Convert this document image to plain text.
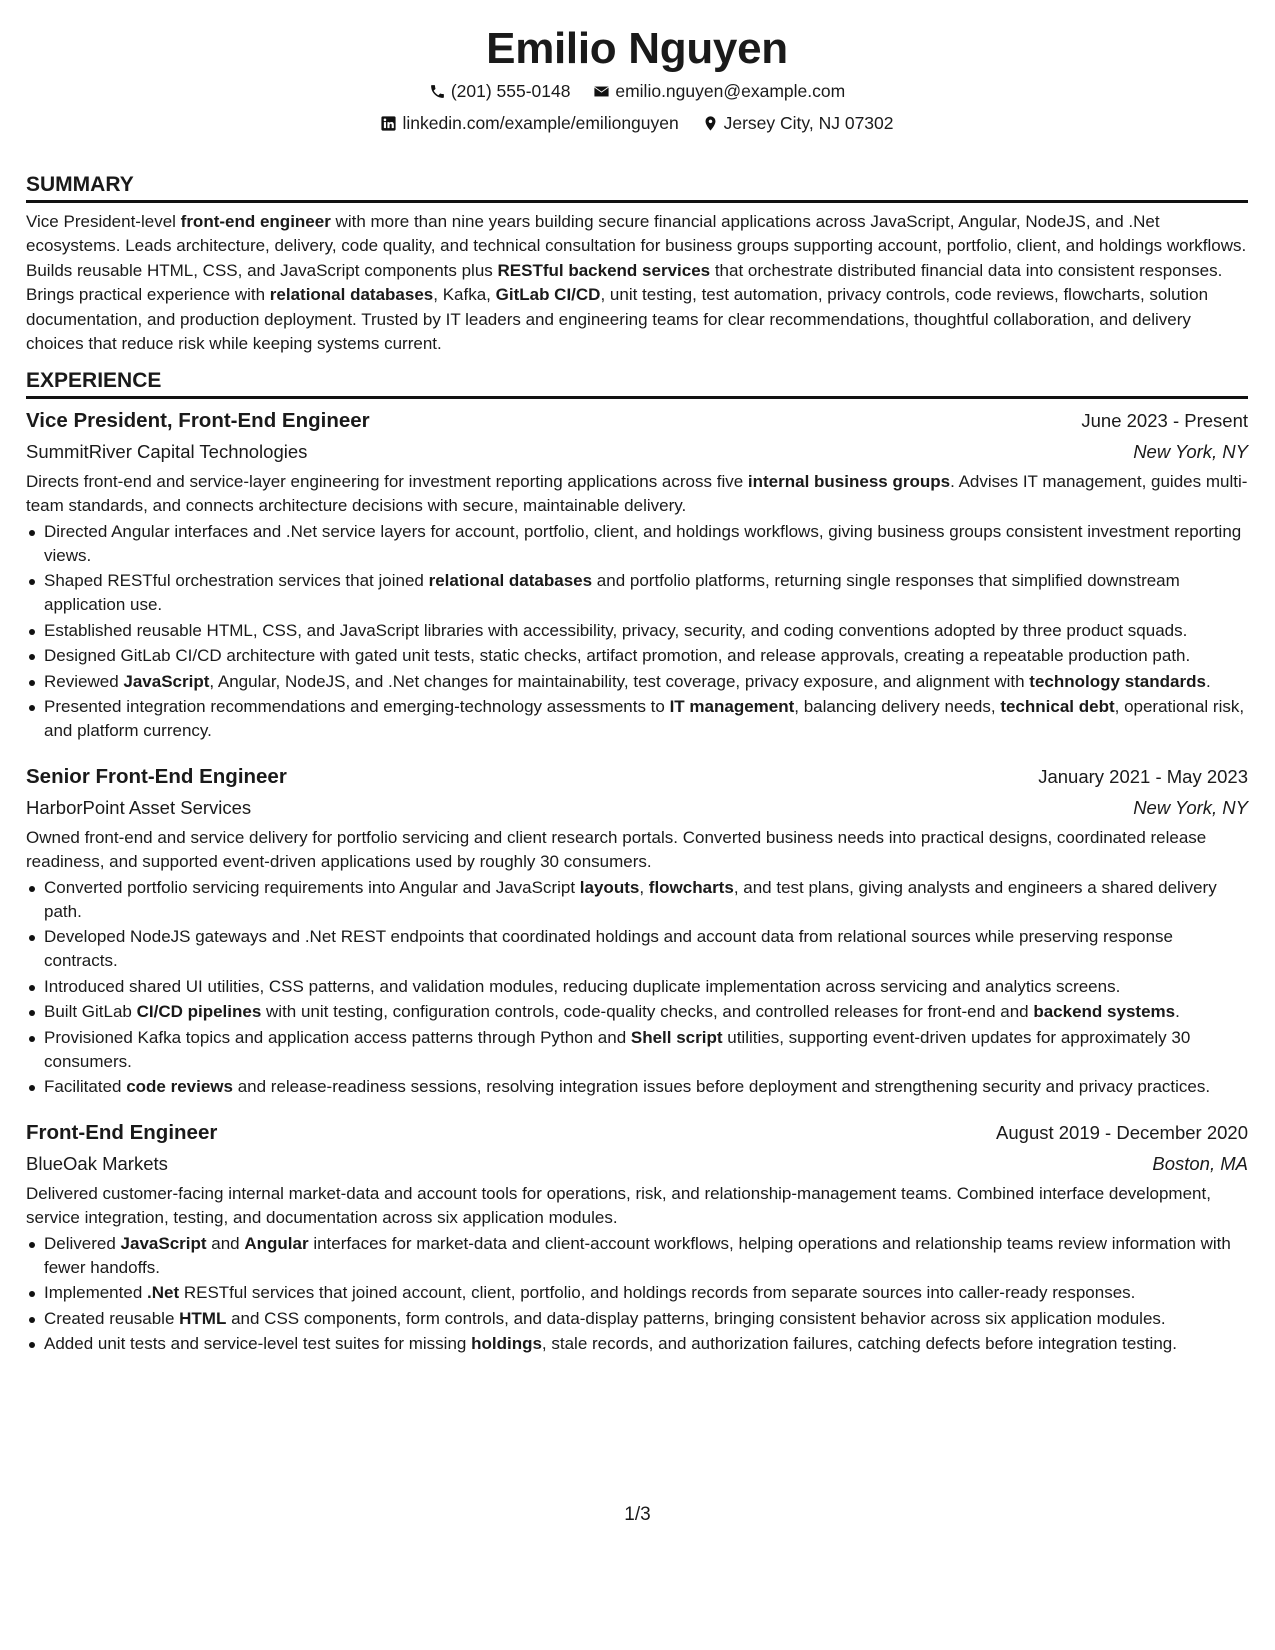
Emilio Nguyen
(201) 555-0148
	emilio.nguyen@example.com
linkedin.com/example/emilionguyen
	Jersey City, NJ 07302
SUMMARY
Vice President-level front-end engineer with more than nine years building secure financial applications across JavaScript, Angular, NodeJS, and .Net ecosystems. Leads architecture, delivery, code quality, and technical consultation for business groups supporting account, portfolio, client, and holdings workflows. Builds reusable HTML, CSS, and JavaScript components plus RESTful backend services that orchestrate distributed financial data into consistent responses. Brings practical experience with relational databases, Kafka, GitLab CI/CD, unit testing, test automation, privacy controls, code reviews, flowcharts, solution documentation, and production deployment. Trusted by IT leaders and engineering teams for clear recommendations, thoughtful collaboration, and delivery choices that reduce risk while keeping systems current.
EXPERIENCE
Vice President, Front-End Engineer	June 2023 - Present
SummitRiver Capital Technologies	New York, NY
Directs front-end and service-layer engineering for investment reporting applications across five internal business groups. Advises IT management, guides multi-team standards, and connects architecture decisions with secure, maintainable delivery.
Directed Angular interfaces and .Net service layers for account, portfolio, client, and holdings workflows, giving business groups consistent investment reporting views.
Shaped RESTful orchestration services that joined relational databases and portfolio platforms, returning single responses that simplified downstream application use.
Established reusable HTML, CSS, and JavaScript libraries with accessibility, privacy, security, and coding conventions adopted by three product squads.
Designed GitLab CI/CD architecture with gated unit tests, static checks, artifact promotion, and release approvals, creating a repeatable production path.
Reviewed JavaScript, Angular, NodeJS, and .Net changes for maintainability, test coverage, privacy exposure, and alignment with technology standards.
Presented integration recommendations and emerging-technology assessments to IT management, balancing delivery needs, technical debt, operational risk, and platform currency.
Senior Front-End Engineer	January 2021 - May 2023
HarborPoint Asset Services	New York, NY
Owned front-end and service delivery for portfolio servicing and client research portals. Converted business needs into practical designs, coordinated release readiness, and supported event-driven applications used by roughly 30 consumers.
Converted portfolio servicing requirements into Angular and JavaScript layouts, flowcharts, and test plans, giving analysts and engineers a shared delivery path.
Developed NodeJS gateways and .Net REST endpoints that coordinated holdings and account data from relational sources while preserving response contracts.
Introduced shared UI utilities, CSS patterns, and validation modules, reducing duplicate implementation across servicing and analytics screens.
Built GitLab CI/CD pipelines with unit testing, configuration controls, code-quality checks, and controlled releases for front-end and backend systems.
Provisioned Kafka topics and application access patterns through Python and Shell script utilities, supporting event-driven updates for approximately 30 consumers.
Facilitated code reviews and release-readiness sessions, resolving integration issues before deployment and strengthening security and privacy practices.
Front-End Engineer	August 2019 - December 2020
BlueOak Markets	Boston, MA
Delivered customer-facing internal market-data and account tools for operations, risk, and relationship-management teams. Combined interface development, service integration, testing, and documentation across six application modules.
Delivered JavaScript and Angular interfaces for market-data and client-account workflows, helping operations and relationship teams review information with fewer handoffs.
Implemented .Net RESTful services that joined account, client, portfolio, and holdings records from separate sources into caller-ready responses.
Created reusable HTML and CSS components, form controls, and data-display patterns, bringing consistent behavior across six application modules.
Added unit tests and service-level test suites for missing holdings, stale records, and authorization failures, catching defects before integration testing.
1/3
